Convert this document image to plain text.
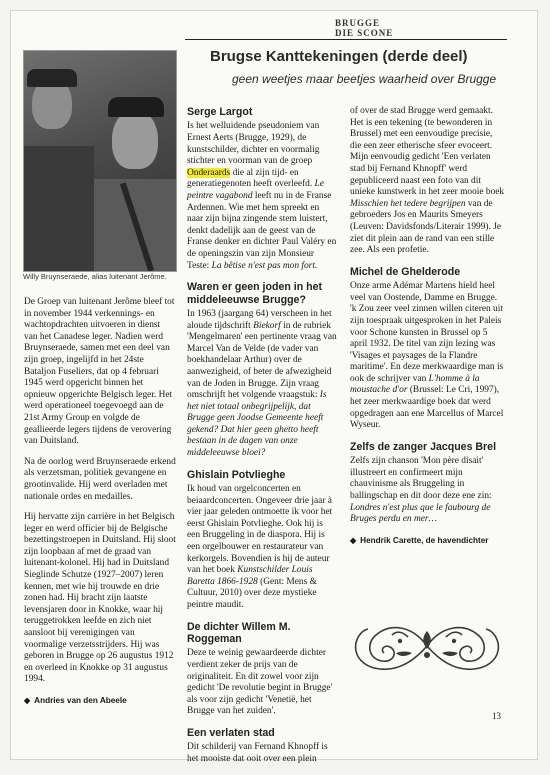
BRUGGE
DIE SCONE
Brugse Kanttekeningen (derde deel)
geen weetjes maar beetjes waarheid over Brugge
Willy Bruynseraede, alias luitenant Jerôme.

De Groep van luitenant Jerôme bleef tot in november 1944 verkennings- en wachtopdrachten uitvoeren in dienst van het Canadese leger. Nadien werd Bruynseraede, samen met een deel van zijn groep, ingelijfd in het 24ste Bataljon Fuseliers, dat op 4 februari 1945 werd opgericht binnen het opnieuw opgerichte Belgisch leger. Het werd operationeel toegevoegd aan de 21st Army Group en volgde de geallieerde legers tijdens de verovering van Duitsland.

Na de oorlog werd Bruynseraede erkend als verzetsman, politiek gevangene en grootinvalide. Hij werd overladen met nationale ordes en medailles.

Hij hervatte zijn carrière in het Belgisch leger en werd officier bij de Belgische bezettingstroepen in Duitsland. Hij sloot zijn loopbaan af met de graad van luitenant-kolonel. Hij had in Duitsland Sieglinde Schutze (1927–2007) leren kennen, met wie hij trouwde en drie zonen had. Hij bracht zijn laatste levensjaren door in Knokke, waar hij teruggetrokken leefde en zich niet aansloot bij verenigingen van voormalige verzetsstrijders. Hij was geboren in Brugge op 26 augustus 1912 en overleed in Knokke op 31 augustus 1994.

◆ Andries van den Abeele
Serge Largot

Is het welluidende pseudoniem van Ernest Aerts (Brugge, 1929), de kunstschilder, dichter en voormalig stichter en voorman van de groep Onderaards die al zijn tijd- en generatiegenoten heeft overleefd. Le peintre vagabond leeft nu in de Franse Ardennen. Wie met hem spreekt en naar zijn bijna zingende stem luistert, denkt dadelijk aan de geest van de Franse denker en dichter Paul Valéry en de openingszin van zijn Monsieur Teste: La bêtise n'est pas mon fort.

Waren er geen joden in het middeleeuwse Brugge?

In 1963 (jaargang 64) verscheen in het aloude tijdschrift Biekorf in de rubriek 'Mengelmaren' een pertinente vraag van Marcel Van de Velde (de vader van boekhandelaar Arthur) over de aanwezigheid, of beter de afwezigheid van de Joden in Brugge. Zijn vraag omschrijft het volgende vraagstuk: Is het niet totaal onbegrijpelijk, dat Brugge geen Joodse Gemeente heeft gekend? Dat hier geen ghetto heeft bestaan in de dagen van onze middeleeuwse bloei?

Ghislain Potvlieghe

Ik houd van orgelconcerten en beiaardconcerten. Ongeveer drie jaar à vier jaar geleden ontmoette ik voor het eerst Ghislain Potvlieghe. Ook hij is een Bruggeling in de diaspora. Hij is een orgelbouwer en restaurateur van kerkorgels. Bovendien is hij de auteur van het boek Kunstschilder Louis Baretta 1866-1928 (Gent: Mens & Cultuur, 2010) over deze mystieke peintre maudit.

De dichter Willem M. Roggeman

Deze te weinig gewaardeerde dichter verdient zeker de prijs van de originaliteit. En dit zowel voor zijn gedicht 'De revolutie begint in Brugge' als voor zijn gedicht 'Venetië, het Brugge van het zuiden'.

Een verlaten stad

Dit schilderij van Fernand Khnopff is het mooiste dat ooit over een plein

of over de stad Brugge werd gemaakt. Het is een tekening (te bewonderen in Brussel) met een eenvoudige precisie, die een zeer etherische sfeer evoceert. Mijn eenvoudig gedicht 'Een verlaten stad bij Fernand Khnopff' werd gepubliceerd naast een foto van dit unieke kunstwerk in het zeer mooie boek Misschien het tedere begrijpen van de gebroeders Jos en Maurits Smeyers (Leuven: Davidsfonds/Literair 1999). Je ziet dit plein aan de rand van een stille zee. Als een profetie.

Michel de Ghelderode

Onze arme Adémar Martens hield heel veel van Oostende, Damme en Brugge. 'k Zou zeer veel zinnen willen citeren uit zijn toespraak uitgesproken in het Paleis voor Schone kunsten in Brussel op 5 april 1932. De titel van zijn lezing was 'Visages et paysages de la Flandre maritime'. En deze merkwaardige man is ook de schrijver van L'homme à la moustache d'or (Brussel: Le Cri, 1997), het zeer merkwaardige boek dat werd opgedragen aan ene Marcellus of Marcel Wyseur.

Zelfs de zanger Jacques Brel

Zelfs zijn chanson 'Mon père disait' illustreert en confirmeert mijn chauvinisme als Bruggeling in ballingschap en dit door deze ene zin: Londres n'est plus que le faubourg de Bruges perdu en mer…

◆ Hendrik Carette, de havendichter
13
